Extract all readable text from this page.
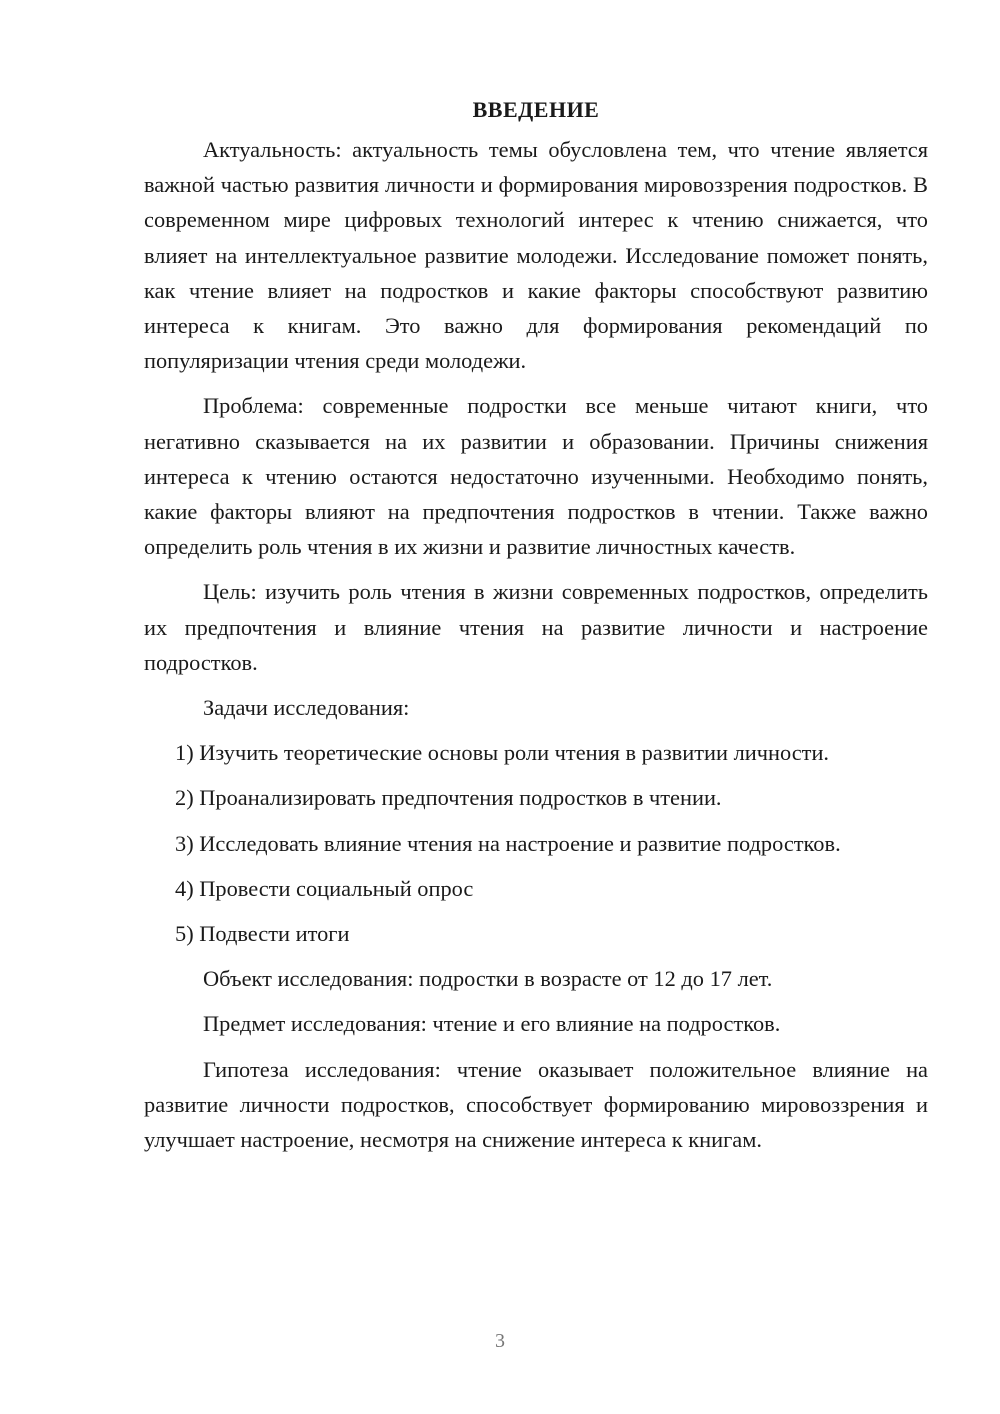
ВВЕДЕНИЕ

Актуальность: актуальность темы обусловлена тем, что чтение является важной частью развития личности и формирования мировоззрения подростков. В современном мире цифровых технологий интерес к чтению снижается, что влияет на интеллектуальное развитие молодежи. Исследование поможет понять, как чтение влияет на подростков и какие факторы способствуют развитию интереса к книгам. Это важно для формирования рекомендаций по популяризации чтения среди молодежи.

Проблема: современные подростки все меньше читают книги, что негативно сказывается на их развитии и образовании. Причины снижения интереса к чтению остаются недостаточно изученными. Необходимо понять, какие факторы влияют на предпочтения подростков в чтении. Также важно определить роль чтения в их жизни и развитие личностных качеств.

Цель: изучить роль чтения в жизни современных подростков, определить их предпочтения и влияние чтения на развитие личности и настроение подростков.

Задачи исследования:

1) Изучить теоретические основы роли чтения в развитии личности.
2) Проанализировать предпочтения подростков в чтении.
3) Исследовать влияние чтения на настроение и развитие подростков.
4) Провести социальный опрос
5) Подвести итоги

Объект исследования: подростки в возрасте от 12 до 17 лет.

Предмет исследования: чтение и его влияние на подростков.

Гипотеза исследования: чтение оказывает положительное влияние на развитие личности подростков, способствует формированию мировоззрения и улучшает настроение, несмотря на снижение интереса к книгам.

3
